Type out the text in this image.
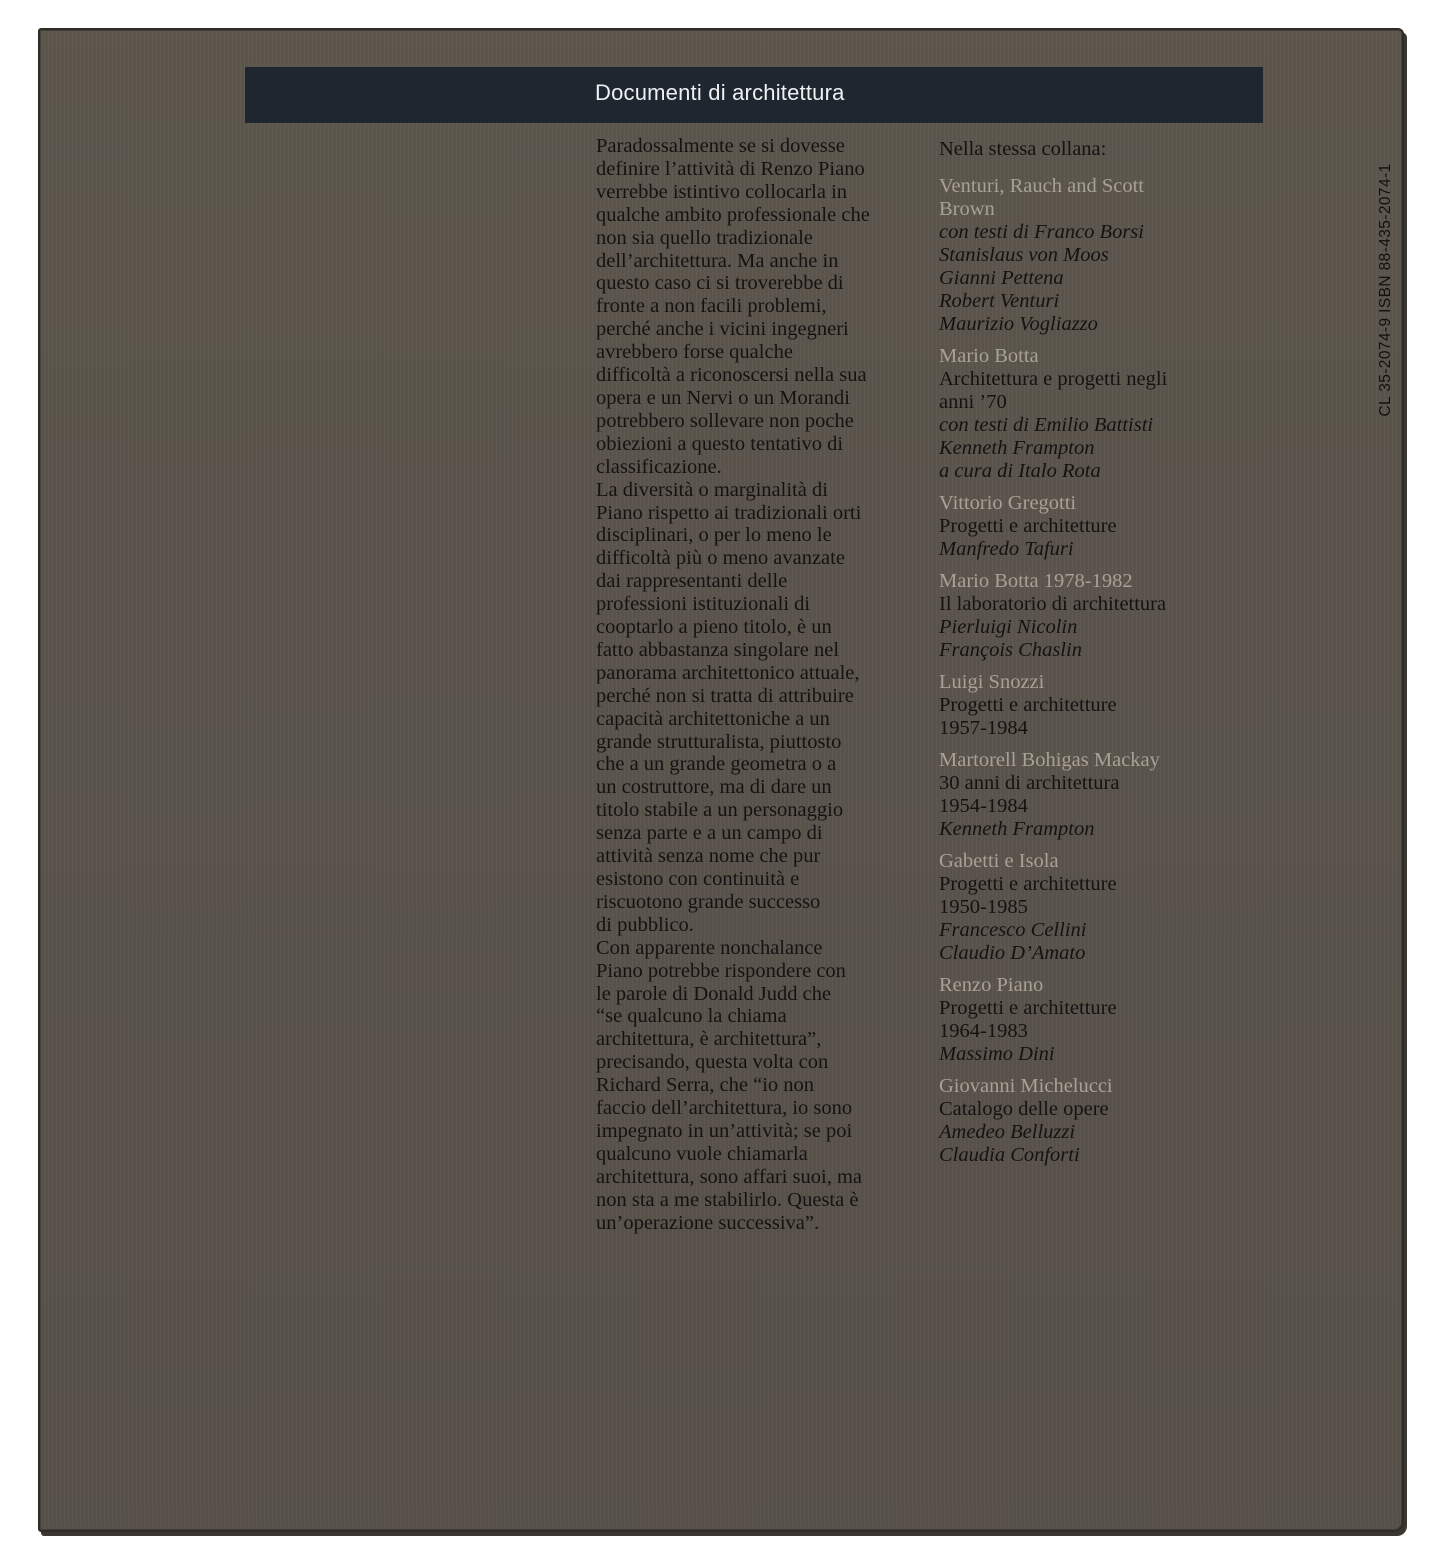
Documenti di architettura
Paradossalmente se si dovesse
definire l’attività di Renzo Piano
verrebbe istintivo collocarla in
qualche ambito professionale che
non sia quello tradizionale
dell’architettura. Ma anche in
questo caso ci si troverebbe di
fronte a non facili problemi,
perché anche i vicini ingegneri
avrebbero forse qualche
difficoltà a riconoscersi nella sua
opera e un Nervi o un Morandi
potrebbero sollevare non poche
obiezioni a questo tentativo di
classificazione.
La diversità o marginalità di
Piano rispetto ai tradizionali orti
disciplinari, o per lo meno le
difficoltà più o meno avanzate
dai rappresentanti delle
professioni istituzionali di
cooptarlo a pieno titolo, è un
fatto abbastanza singolare nel
panorama architettonico attuale,
perché non si tratta di attribuire
capacità architettoniche a un
grande strutturalista, piuttosto
che a un grande geometra o a
un costruttore, ma di dare un
titolo stabile a un personaggio
senza parte e a un campo di
attività senza nome che pur
esistono con continuità e
riscuotono grande successo
di pubblico.
Con apparente nonchalance
Piano potrebbe rispondere con
le parole di Donald Judd che
“se qualcuno la chiama
architettura, è architettura”,
precisando, questa volta con
Richard Serra, che “io non
faccio dell’architettura, io sono
impegnato in un’attività; se poi
qualcuno vuole chiamarla
architettura, sono affari suoi, ma
non sta a me stabilirlo. Questa è
un’operazione successiva”.
Nella stessa collana:
Venturi, Rauch and Scott
Brown
con testi di Franco Borsi
Stanislaus von Moos
Gianni Pettena
Robert Venturi
Maurizio Vogliazzo
Mario Botta
Architettura e progetti negli
anni ’70
con testi di Emilio Battisti
Kenneth Frampton
a cura di Italo Rota
Vittorio Gregotti
Progetti e architetture
Manfredo Tafuri
Mario Botta 1978-1982
Il laboratorio di architettura
Pierluigi Nicolin
François Chaslin
Luigi Snozzi
Progetti e architetture
1957-1984
Martorell Bohigas Mackay
30 anni di architettura
1954-1984
Kenneth Frampton
Gabetti e Isola
Progetti e architetture
1950-1985
Francesco Cellini
Claudio D’Amato
Renzo Piano
Progetti e architetture
1964-1983
Massimo Dini
Giovanni Michelucci
Catalogo delle opere
Amedeo Belluzzi
Claudia Conforti
CL 35-2074-9 ISBN 88-435-2074-1
